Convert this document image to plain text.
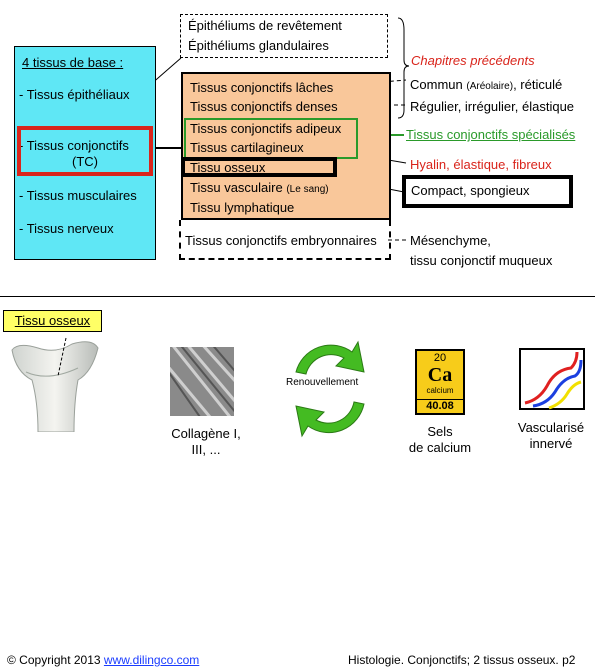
Épithéliums de revêtement
Épithéliums glandulaires
4 tissus de base :
- Tissus épithéliaux
- Tissus conjonctifs
(TC)
- Tissus musculaires
- Tissus nerveux
Tissus conjonctifs lâches
Tissus conjonctifs denses
Tissus conjonctifs adipeux
Tissus cartilagineux
Tissu osseux
Tissu vasculaire (Le sang)
Tissu lymphatique
Tissus conjonctifs embryonnaires
Chapitres précédents
Commun (Aréolaire), réticulé
Régulier, irrégulier, élastique
Tissus conjonctifs spécialisés
Hyalin, élastique, fibreux
Compact, spongieux
Mésenchyme,
tissu conjonctif muqueux
Tissu osseux
Collagène I,
III, ...
Renouvellement
20
Ca
calcium
40.08
Sels
de calcium
Vascularisé
innervé
© Copyright 2013 www.dilingco.com	Histologie. Conjonctifs; 2 tissus osseux. p2
